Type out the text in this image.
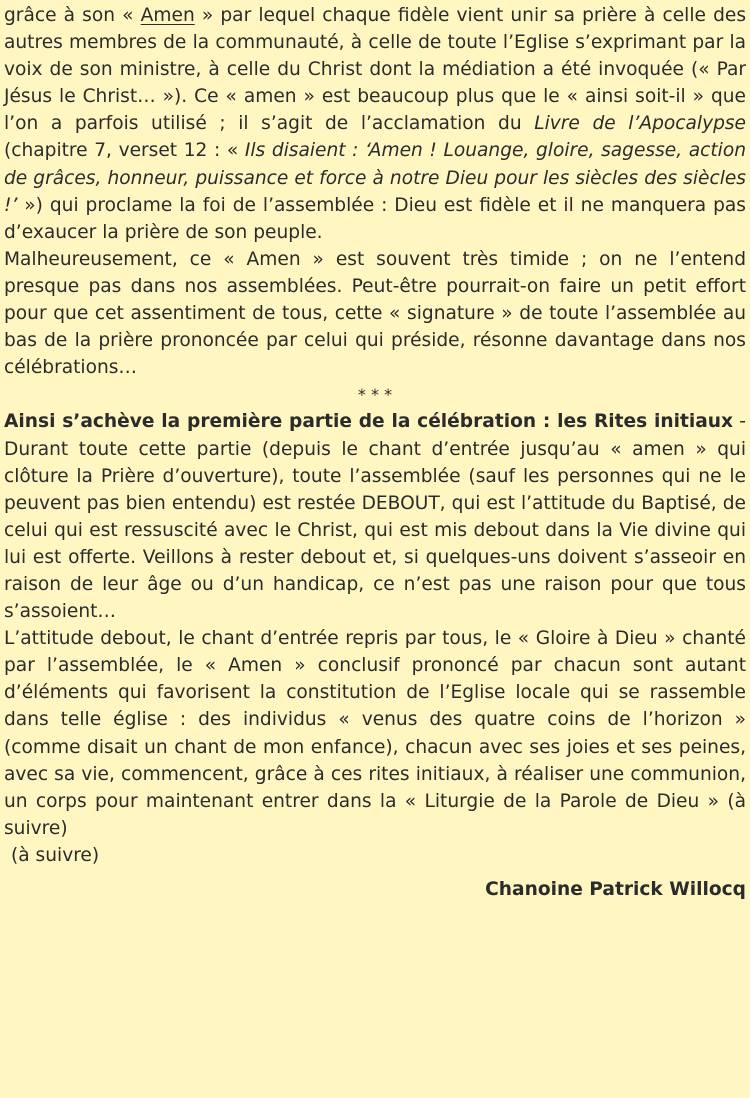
grâce à son « Amen » par lequel chaque fidèle vient unir sa prière à celle des autres membres de la communauté, à celle de toute l’Eglise s’exprimant par la voix de son ministre, à celle du Christ dont la médiation a été invoquée (« Par Jésus le Christ… »). Ce « amen » est beaucoup plus que le « ainsi soit-il » que l’on a parfois utilisé ; il s’agit de l’acclamation du Livre de l’Apocalypse (chapitre 7, verset 12 : « Ils disaient : ‘Amen ! Louange, gloire, sagesse, action de grâces, honneur, puissance et force à notre Dieu pour les siècles des siècles !’ ») qui proclame la foi de l’assemblée : Dieu est fidèle et il ne manquera pas d’exaucer la prière de son peuple.

Malheureusement, ce « Amen » est souvent très timide ; on ne l’entend presque pas dans nos assemblées. Peut-être pourrait-on faire un petit effort pour que cet assentiment de tous, cette « signature » de toute l’assemblée au bas de la prière prononcée par celui qui préside, résonne davantage dans nos célébrations…

* * *

Ainsi s’achève la première partie de la célébration : les Rites initiaux - Durant toute cette partie (depuis le chant d’entrée jusqu’au « amen » qui clôture la Prière d’ouverture), toute l’assemblée (sauf les personnes qui ne le peuvent pas bien entendu) est restée DEBOUT, qui est l’attitude du Baptisé, de celui qui est ressuscité avec le Christ, qui est mis debout dans la Vie divine qui lui est offerte. Veillons à rester debout et, si quelques-uns doivent s’asseoir en raison de leur âge ou d’un handicap, ce n’est pas une raison pour que tous s’assoient…

L’attitude debout, le chant d’entrée repris par tous, le « Gloire à Dieu » chanté par l’assemblée, le « Amen » conclusif prononcé par chacun sont autant d’éléments qui favorisent la constitution de l’Eglise locale qui se rassemble dans telle église : des individus « venus des quatre coins de l’horizon » (comme disait un chant de mon enfance), chacun avec ses joies et ses peines, avec sa vie, commencent, grâce à ces rites initiaux, à réaliser une communion, un corps pour maintenant entrer dans la « Liturgie de la Parole de Dieu » (à suivre)

(à suivre)
Chanoine Patrick Willocq
